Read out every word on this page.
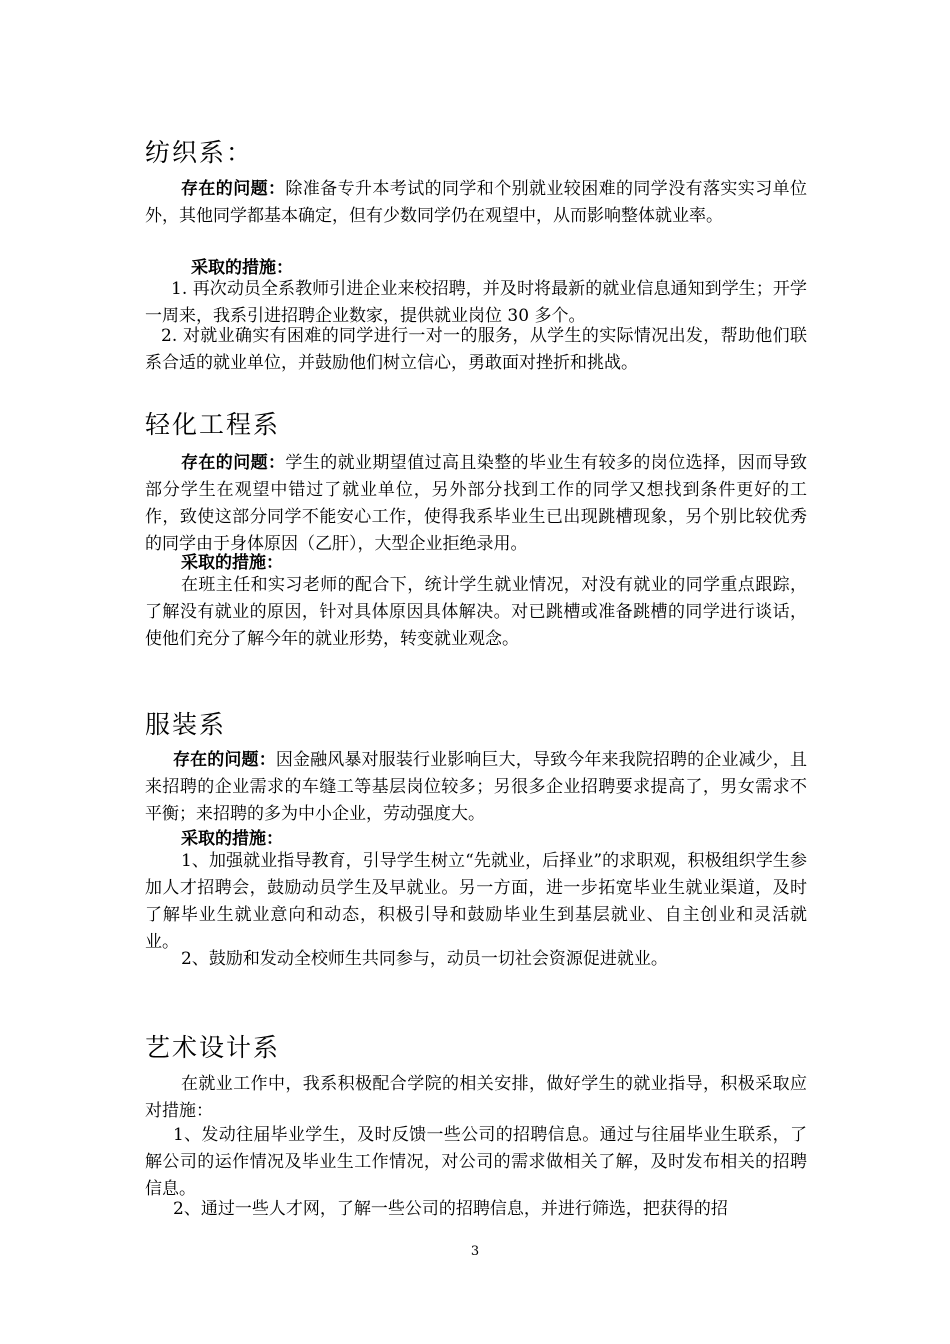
纺织系：

存在的问题：除准备专升本考试的同学和个别就业较困难的同学没有落实实习单位外，其他同学都基本确定，但有少数同学仍在观望中，从而影响整体就业率。

采取的措施：

1. 再次动员全系教师引进企业来校招聘，并及时将最新的就业信息通知到学生；开学一周来，我系引进招聘企业数家，提供就业岗位 30 多个。

2. 对就业确实有困难的同学进行一对一的服务，从学生的实际情况出发，帮助他们联系合适的就业单位，并鼓励他们树立信心，勇敢面对挫折和挑战。

轻化工程系

存在的问题：学生的就业期望值过高且染整的毕业生有较多的岗位选择，因而导致部分学生在观望中错过了就业单位，另外部分找到工作的同学又想找到条件更好的工作，致使这部分同学不能安心工作，使得我系毕业生已出现跳槽现象，另个别比较优秀的同学由于身体原因（乙肝），大型企业拒绝录用。

采取的措施：

在班主任和实习老师的配合下，统计学生就业情况，对没有就业的同学重点跟踪，了解没有就业的原因，针对具体原因具体解决。对已跳槽或准备跳槽的同学进行谈话，使他们充分了解今年的就业形势，转变就业观念。

服装系

存在的问题：因金融风暴对服装行业影响巨大，导致今年来我院招聘的企业减少，且来招聘的企业需求的车缝工等基层岗位较多；另很多企业招聘要求提高了，男女需求不平衡；来招聘的多为中小企业，劳动强度大。

采取的措施：

1、加强就业指导教育，引导学生树立“先就业，后择业”的求职观，积极组织学生参加人才招聘会，鼓励动员学生及早就业。另一方面，进一步拓宽毕业生就业渠道，及时了解毕业生就业意向和动态，积极引导和鼓励毕业生到基层就业、自主创业和灵活就业。

2、鼓励和发动全校师生共同参与，动员一切社会资源促进就业。

艺术设计系

在就业工作中，我系积极配合学院的相关安排，做好学生的就业指导，积极采取应对措施：

1、发动往届毕业学生，及时反馈一些公司的招聘信息。通过与往届毕业生联系，了解公司的运作情况及毕业生工作情况，对公司的需求做相关了解，及时发布相关的招聘信息。

2、通过一些人才网，了解一些公司的招聘信息，并进行筛选，把获得的招

3
